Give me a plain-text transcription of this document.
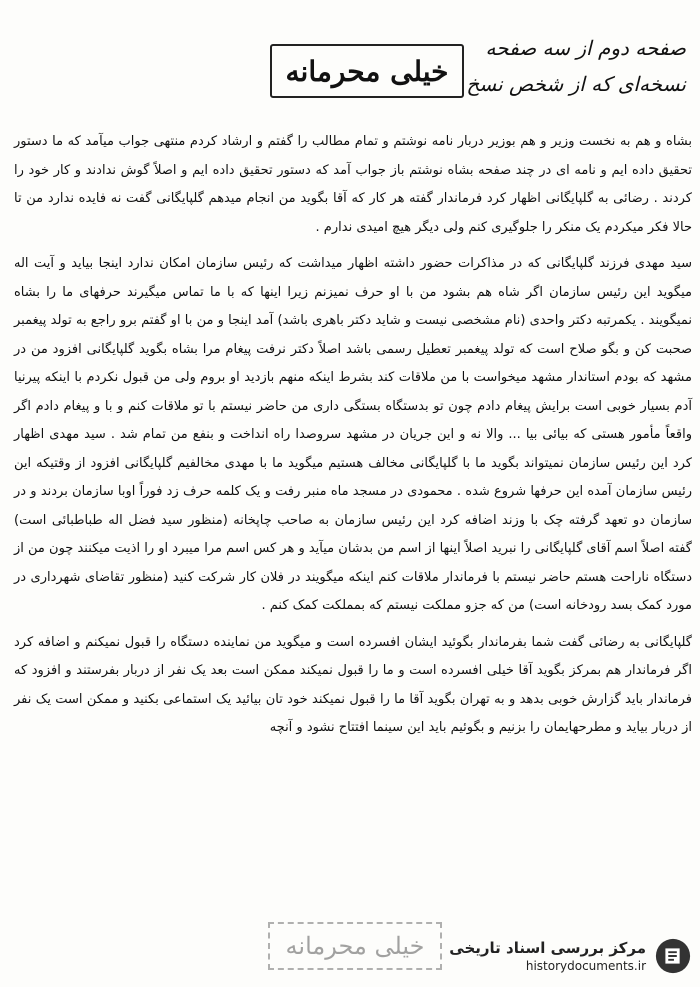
صفحه دوم از سه صفحه
نسخه‌ای که از شخص نسخ
خیلی محرمانه

بشاه و هم به نخست وزیر و هم بوزیر دربار نامه نوشتم و تمام مطالب را گفتم و ارشاد کردم منتهی جواب میآمد که ما دستور تحقیق داده ایم و نامه ای در چند صفحه بشاه نوشتم باز جواب آمد که دستور تحقیق داده ایم و اصلاً گوش ندادند و کار خود را کردند . رضائی به گلپایگانی اظهار کرد فرماندار گفته هر کار که آقا بگوید من انجام میدهم گلپایگانی گفت نه فایده ندارد من تا حالا فکر میکردم یک منکر را جلوگیری کنم ولی دیگر هیچ امیدی ندارم .

سید مهدی فرزند گلپایگانی که در مذاکرات حضور داشته اظهار میداشت که رئیس سازمان امکان ندارد اینجا بیاید و آیت اله میگوید این رئیس سازمان اگر شاه هم بشود من با او حرف نمیزنم زیرا اینها که با ما تماس میگیرند حرفهای ما را بشاه نمیگویند . یکمرتبه دکتر واحدی (نام مشخصی نیست و شاید دکتر باهری باشد) آمد اینجا و من با او گفتم برو راجع به تولد پیغمبر صحبت کن و بگو صلاح است که تولد پیغمبر تعطیل رسمی باشد اصلاً دکتر نرفت پیغام مرا بشاه بگوید گلپایگانی افزود من در مشهد که بودم استاندار مشهد میخواست با من ملاقات کند بشرط اینکه منهم بازدید او بروم ولی من قبول نکردم با اینکه پیرنیا آدم بسیار خوبی است برایش پیغام دادم چون تو بدستگاه بستگی داری من حاضر نیستم با تو ملاقات کنم و با و پیغام دادم اگر واقعاً مأمور هستی که بیائی بیا ... والا نه و این جریان در مشهد سروصدا راه انداخت و بنفع من تمام شد . سید مهدی اظهار کرد این رئیس سازمان نمیتواند بگوید ما با گلپایگانی مخالف هستیم میگوید ما با مهدی مخالفیم گلپایگانی افزود از وقتیکه این رئیس سازمان آمده این حرفها شروع شده . محمودی در مسجد ماه منبر رفت و یک کلمه حرف زد فوراً اوبا سازمان بردند و در سازمان دو تعهد گرفته چک با وزند اضافه کرد این رئیس سازمان به صاحب چاپخانه (منظور سید فضل اله طباطبائی است) گفته اصلاً اسم آقای گلپایگانی را نبرید اصلاً اینها از اسم من بدشان میآید و هر کس اسم مرا میبرد او را اذیت میکنند چون من از دستگاه ناراحت هستم حاضر نیستم با فرماندار ملاقات کنم اینکه میگویند در فلان کار شرکت کنید (منظور تقاضای شهرداری در مورد کمک بسد رودخانه است) من که جزو مملکت نیستم که بمملکت کمک کنم .

گلپایگانی به رضائی گفت شما بفرماندار بگوئید ایشان افسرده است و میگوید من نماینده دستگاه را قبول نمیکنم و اضافه کرد اگر فرماندار هم بمرکز بگوید آقا خیلی افسرده است و ما را قبول نمیکند ممکن است بعد یک نفر از دربار بفرستند و افزود که فرماندار باید گزارش خوبی بدهد و به تهران بگوید آقا ما را قبول نمیکند خود تان بیائید یک استماعی بکنید و ممکن است یک نفر از دربار بیاید و مطرحهایمان را بزنیم و بگوئیم باید این سینما افتتاح نشود و آنچه

خیلی محرمانه مرکز بررسی اسناد تاریخی
historydocuments.ir
